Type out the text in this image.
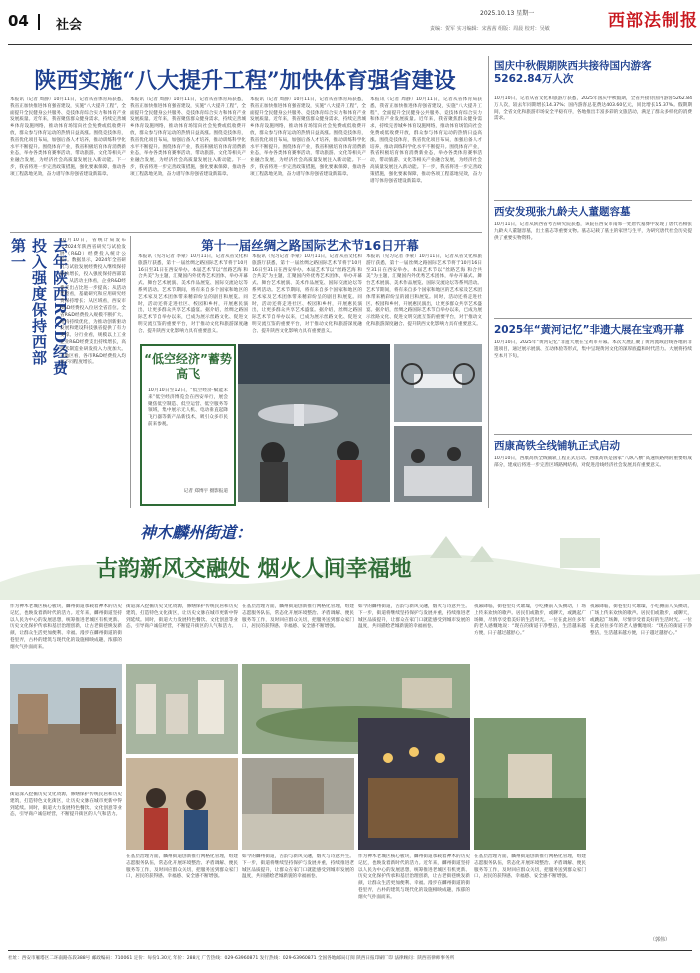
04 社会
2025.10.13 星期一
责编：贺军 实习编辑：宋茜茜 组版：周晨 校对：吴敏	西部法制报
陕西实施“八大提升工程”加快体育强省建设
本报讯（记者 周静）10月11日，记者从省体育局获悉，我省正加快推进体育强省建设，实施“八大提升工程”，全面提升全民健身公共服务、竞技体育综合实力和体育产业发展质量。近年来，我省聚焦群众健身需求，持续完善城乡体育设施网络，推动体育场馆向社会免费或低收费开放，群众参与体育运动的热情日益高涨。围绕竞技体育，我省优化项目布局，加强后备人才培养，推动训练科学化水平不断提升。围绕体育产业，我省积极培育体育消费新业态，举办各类体育赛事活动，带动旅游、文化等相关产业融合发展，为经济社会高质量发展注入新动能。下一步，我省将进一步完善政策措施，强化要素保障，推动各项工程落地见效，奋力谱写体育强省建设新篇章。
本报讯（记者 周静）10月11日，记者从省体育局获悉，我省正加快推进体育强省建设，实施“八大提升工程”，全面提升全民健身公共服务、竞技体育综合实力和体育产业发展质量。近年来，我省聚焦群众健身需求，持续完善城乡体育设施网络，推动体育场馆向社会免费或低收费开放，群众参与体育运动的热情日益高涨。围绕竞技体育，我省优化项目布局，加强后备人才培养，推动训练科学化水平不断提升。围绕体育产业，我省积极培育体育消费新业态，举办各类体育赛事活动，带动旅游、文化等相关产业融合发展，为经济社会高质量发展注入新动能。下一步，我省将进一步完善政策措施，强化要素保障，推动各项工程落地见效，奋力谱写体育强省建设新篇章。
本报讯（记者 周静）10月11日，记者从省体育局获悉，我省正加快推进体育强省建设，实施“八大提升工程”，全面提升全民健身公共服务、竞技体育综合实力和体育产业发展质量。近年来，我省聚焦群众健身需求，持续完善城乡体育设施网络，推动体育场馆向社会免费或低收费开放，群众参与体育运动的热情日益高涨。围绕竞技体育，我省优化项目布局，加强后备人才培养，推动训练科学化水平不断提升。围绕体育产业，我省积极培育体育消费新业态，举办各类体育赛事活动，带动旅游、文化等相关产业融合发展，为经济社会高质量发展注入新动能。下一步，我省将进一步完善政策措施，强化要素保障，推动各项工程落地见效，奋力谱写体育强省建设新篇章。
本报讯（记者 周静）10月11日，记者从省体育局获悉，我省正加快推进体育强省建设，实施“八大提升工程”，全面提升全民健身公共服务、竞技体育综合实力和体育产业发展质量。近年来，我省聚焦群众健身需求，持续完善城乡体育设施网络，推动体育场馆向社会免费或低收费开放，群众参与体育运动的热情日益高涨。围绕竞技体育，我省优化项目布局，加强后备人才培养，推动训练科学化水平不断提升。围绕体育产业，我省积极培育体育消费新业态，举办各类体育赛事活动，带动旅游、文化等相关产业融合发展，为经济社会高质量发展注入新动能。下一步，我省将进一步完善政策措施，强化要素保障，推动各项工程落地见效，奋力谱写体育强省建设新篇章。
去年陕西R&D经费投入强度保持西部第一	10月10日，省统计局发布《2024年陕西省研究与试验发展（R&D）经费投入统计公报》。数据显示，2024年全省研究与试验发展经费投入继续保持较快增长，投入强度保持西部第一。从活动主体看，企业R&D经费支出占比进一步提高；从活动类型看，基础研究和应用研究经费保持增长；从区域看，西安市R&D经费投入位居全省首位。全省R&D经费投入规模不断扩大、结构持续优化，为推动创新驱动发展和建设科技强省提供了有力支撑。分行业看，规模以上工业企业R&D经费支出持续增长，高技术制造业研发投入力度加大。分地区看，各市R&D经费投入均有不同程度增长。
第十一届丝绸之路国际艺术节16日开幕
本报讯（见习记者 李蒙）10月11日，记者从省文化和旅游厅获悉，第十一届丝绸之路国际艺术节将于10月16日至31日在西安举办。本届艺术节以“丝路艺海 和合共美”为主题，汇聚国内外优秀艺术团体，举办开幕式、舞台艺术展演、美术作品展览、国际交流论坛等系列活动。艺术节期间，将有来自多个国家和地区的艺术家及艺术团体带来精彩纷呈的剧目和展览。同时，活动还将走进社区、校园和乡村，开展惠民演出，让更多群众共享艺术盛宴。据介绍，丝绸之路国际艺术节自举办以来，已成为展示丝路文化、促进文明交流互鉴的重要平台，对于推动文化和旅游深度融合、提升陕西文化影响力具有重要意义。
本报讯（见习记者 李蒙）10月11日，记者从省文化和旅游厅获悉，第十一届丝绸之路国际艺术节将于10月16日至31日在西安举办。本届艺术节以“丝路艺海 和合共美”为主题，汇聚国内外优秀艺术团体，举办开幕式、舞台艺术展演、美术作品展览、国际交流论坛等系列活动。艺术节期间，将有来自多个国家和地区的艺术家及艺术团体带来精彩纷呈的剧目和展览。同时，活动还将走进社区、校园和乡村，开展惠民演出，让更多群众共享艺术盛宴。据介绍，丝绸之路国际艺术节自举办以来，已成为展示丝路文化、促进文明交流互鉴的重要平台，对于推动文化和旅游深度融合、提升陕西文化影响力具有重要意义。
本报讯（见习记者 李蒙）10月11日，记者从省文化和旅游厅获悉，第十一届丝绸之路国际艺术节将于10月16日至31日在西安举办。本届艺术节以“丝路艺海 和合共美”为主题，汇聚国内外优秀艺术团体，举办开幕式、舞台艺术展演、美术作品展览、国际交流论坛等系列活动。艺术节期间，将有来自多个国家和地区的艺术家及艺术团体带来精彩纷呈的剧目和展览。同时，活动还将走进社区、校园和乡村，开展惠民演出，让更多群众共享艺术盛宴。据介绍，丝绸之路国际艺术节自举办以来，已成为展示丝路文化、促进文明交流互鉴的重要平台，对于推动文化和旅游深度融合、提升陕西文化影响力具有重要意义。
“低空经济”蓄势高飞
10月10日至12日，“低空经济·赋能未来”低空经济博览会在西安举行，展会聚焦低空制造、低空运营、低空服务等领域，集中展示无人机、电动垂直起降飞行器等新产品新技术，吸引众多市民前来参观。
记者 郑博宇 摄影报道
国庆中秋假期陕西共接待国内游客5262.84万人次
10月10日，记者从省文化和旅游厅获悉，2025年国庆中秋假期，全省共接待国内游客5262.84万人次，较去年同期增长14.37%；国内游客总花费达403.60亿元，同比增长15.37%。假期期间，全省文化和旅游市场安全平稳有序，各地推出丰富多彩的文旅活动，满足了群众多样化的消费需求。
西安发现张九龄夫人董题容墓
10月11日，记者从陕西省考古研究院获悉，该院在西安市南郊一处唐代墓葬中发现了唐代名相张九龄夫人董题容墓，出土墓志等重要文物。墓志记载了墓主的家世与生平，为研究唐代社会历史提供了重要实物资料。
2025年“黄河记忆”非遗大展在宝鸡开幕
10月10日，2025年“黄河记忆”非遗大展在宝鸡市开幕。本次大展汇聚了黄河流域沿线各地的非遗项目，通过展示展演、互动体验等形式，集中呈现黄河文化的深厚底蕴和时代活力。大展将持续至本月下旬。
西康高铁全线铺轨正式启动
10月10日，西康高铁全线铺轨工程正式启动。西康高铁是国家“八纵八横”高速铁路网的重要组成部分，建成后将进一步完善区域路网结构，对促进沿线经济社会发展具有重要意义。
神木麟州街道：
古韵新风交融处 烟火人间幸福地
作为神木老城区核心板块，麟州街道承载着神木的历史记忆，也焕发着新时代的活力。近年来，麟州街道坚持以人民为中心的发展思想，统筹推进老城区有机更新、历史文化保护传承和基层治理创新，让古老街巷焕发新颜，让群众生活更加便利、幸福。漫步在麟州街道的街巷里弄，古朴的建筑与现代化的设施相映成趣，浓郁的烟火气扑面而来。
街道深入挖掘历史文化资源，修缮保护传统民居和历史建筑，打造特色文化街区，让历史文脉在城市更新中得到延续。同时，街道大力发展特色餐饮、文化创意等业态，引导商户诚信经营，不断提升街区的人气和活力。
在基层治理方面，麟州街道创新推行网格化管理，组建志愿服务队伍，常态化开展环境整治、矛盾调解、便民服务等工作，及时回应群众关切，把服务送到群众家门口，居民的获得感、幸福感、安全感不断增强。
如今的麟州街道，古韵与新风交融，烟火与诗意共生。下一步，街道将继续坚持保护与发展并重，持续推进老城区品质提升，让群众在家门口就能感受到城市发展的温度，共同描绘老城新貌的幸福画卷。
夜幕降临，街巷里灯火璀璨，小吃摊前人头攒动，广场上传来欢快的歌声。居民们或散步，或聊天，或跳起广场舞，尽情享受着美好的生活时光。一位在此居住多年的老人感慨地说：“现在的街道干净整洁，生活越来越方便，日子越过越舒心。”
夜幕降临，街巷里灯火璀璨，小吃摊前人头攒动，广场上传来欢快的歌声。居民们或散步，或聊天，或跳起广场舞，尽情享受着美好的生活时光。一位在此居住多年的老人感慨地说：“现在的街道干净整洁，生活越来越方便，日子越过越舒心。”
（郭伟）
街道深入挖掘历史文化资源，修缮保护传统民居和历史建筑，打造特色文化街区，让历史文脉在城市更新中得到延续。同时，街道大力发展特色餐饮、文化创意等业态，引导商户诚信经营，不断提升街区的人气和活力。
在基层治理方面，麟州街道创新推行网格化管理，组建志愿服务队伍，常态化开展环境整治、矛盾调解、便民服务等工作，及时回应群众关切，把服务送到群众家门口，居民的获得感、幸福感、安全感不断增强。
如今的麟州街道，古韵与新风交融，烟火与诗意共生。下一步，街道将继续坚持保护与发展并重，持续推进老城区品质提升，让群众在家门口就能感受到城市发展的温度，共同描绘老城新貌的幸福画卷。
作为神木老城区核心板块，麟州街道承载着神木的历史记忆，也焕发着新时代的活力。近年来，麟州街道坚持以人民为中心的发展思想，统筹推进老城区有机更新、历史文化保护传承和基层治理创新，让古老街巷焕发新颜，让群众生活更加便利、幸福。漫步在麟州街道的街巷里弄，古朴的建筑与现代化的设施相映成趣，浓郁的烟火气扑面而来。
在基层治理方面，麟州街道创新推行网格化管理，组建志愿服务队伍，常态化开展环境整治、矛盾调解、便民服务等工作，及时回应群众关切，把服务送到群众家门口，居民的获得感、幸福感、安全感不断增强。
社址：西安市雁塔区二环南路东段388号 邮政编码：710061 定价：每份1.30元 年价：288元 广告热线：029-63960871 发行热线：029-63960871 全国各地邮局订阅 陕西日报印刷厂印 法律顾问：陕西省律师事务所
